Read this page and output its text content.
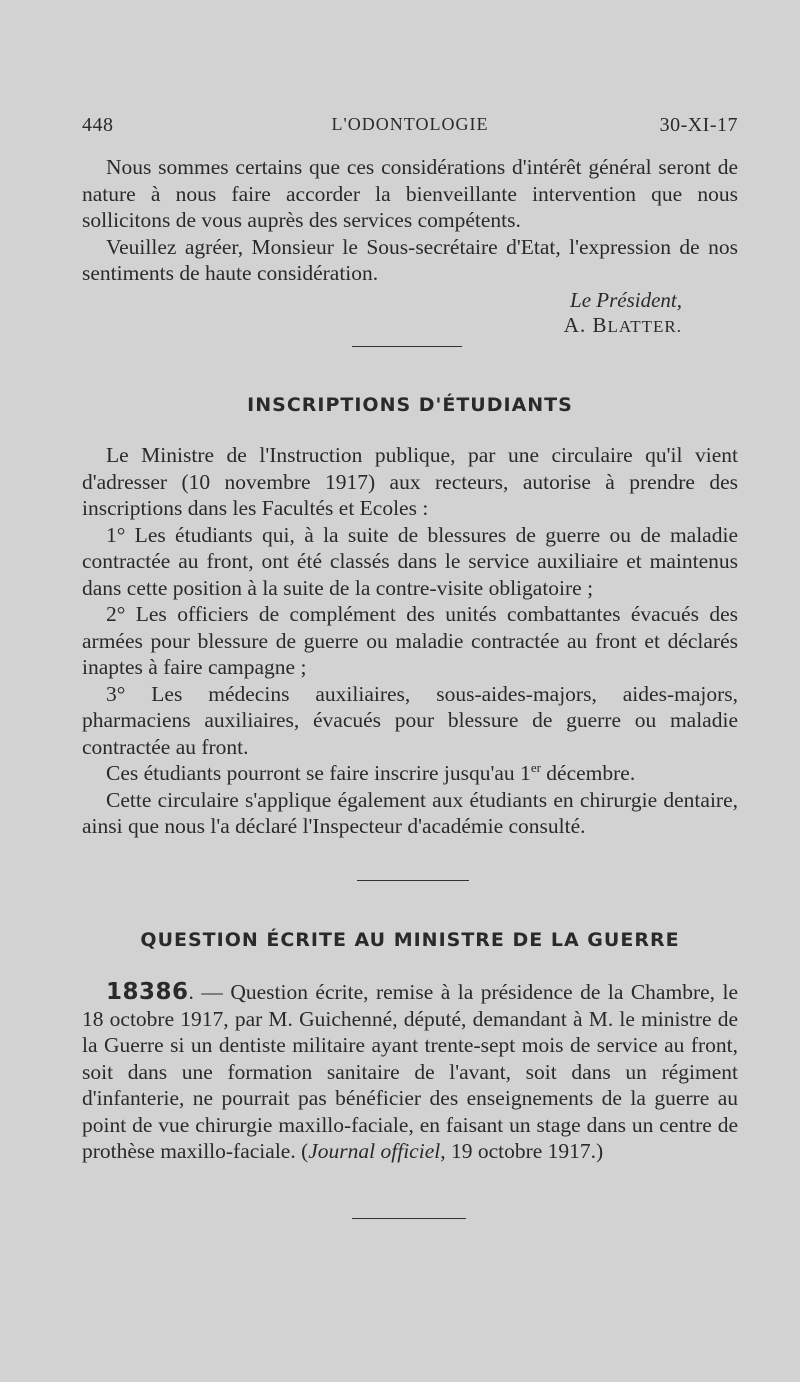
448	L'ODONTOLOGIE	30-XI-17

Nous sommes certains que ces considérations d'intérêt général seront de nature à nous faire accorder la bienveillante intervention que nous sollicitons de vous auprès des services compétents.

Veuillez agréer, Monsieur le Sous-secrétaire d'Etat, l'expression de nos sentiments de haute considération.

Le Président,
A. BLATTER.
INSCRIPTIONS D'ÉTUDIANTS

Le Ministre de l'Instruction publique, par une circulaire qu'il vient d'adresser (10 novembre 1917) aux recteurs, autorise à prendre des inscriptions dans les Facultés et Ecoles :

1° Les étudiants qui, à la suite de blessures de guerre ou de maladie contractée au front, ont été classés dans le service auxiliaire et maintenus dans cette position à la suite de la contre-visite obligatoire ;

2° Les officiers de complément des unités combattantes évacués des armées pour blessure de guerre ou maladie contractée au front et déclarés inaptes à faire campagne ;

3° Les médecins auxiliaires, sous-aides-majors, aides-majors, pharmaciens auxiliaires, évacués pour blessure de guerre ou maladie contractée au front.

Ces étudiants pourront se faire inscrire jusqu'au 1er décembre.

Cette circulaire s'applique également aux étudiants en chirurgie dentaire, ainsi que nous l'a déclaré l'Inspecteur d'académie consulté.

QUESTION ÉCRITE AU MINISTRE DE LA GUERRE

18386. — Question écrite, remise à la présidence de la Chambre, le 18 octobre 1917, par M. Guichenné, député, demandant à M. le ministre de la Guerre si un dentiste militaire ayant trente-sept mois de service au front, soit dans une formation sanitaire de l'avant, soit dans un régiment d'infanterie, ne pourrait pas bénéficier des enseignements de la guerre au point de vue chirurgie maxillo-faciale, en faisant un stage dans un centre de prothèse maxillo-faciale. (Journal officiel, 19 octobre 1917.)
